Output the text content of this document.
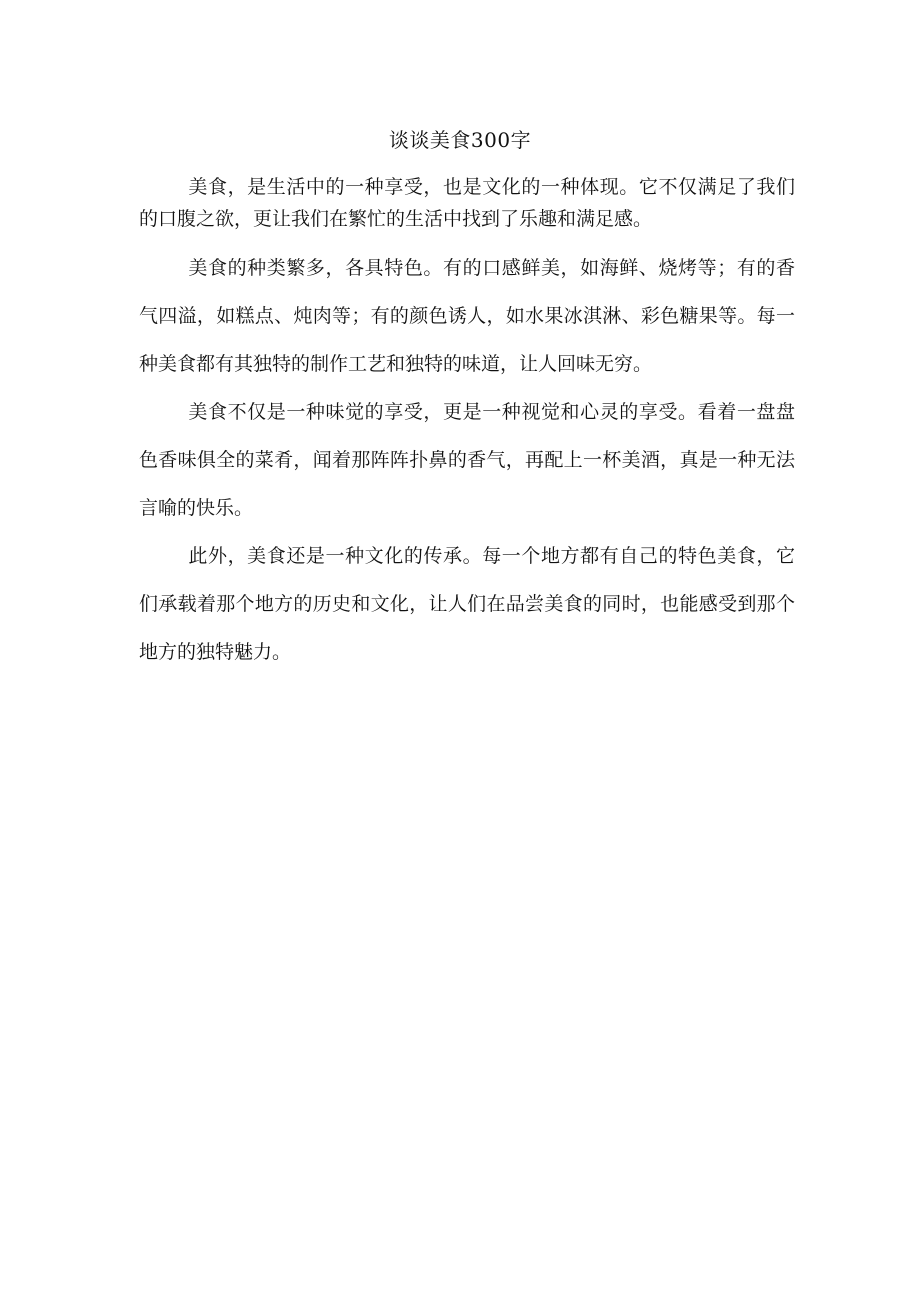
谈谈美食300字

美食，是生活中的一种享受，也是文化的一种体现。它不仅满足了我们的口腹之欲，更让我们在繁忙的生活中找到了乐趣和满足感。

美食的种类繁多，各具特色。有的口感鲜美，如海鲜、烧烤等；有的香气四溢，如糕点、炖肉等；有的颜色诱人，如水果冰淇淋、彩色糖果等。每一种美食都有其独特的制作工艺和独特的味道，让人回味无穷。

美食不仅是一种味觉的享受，更是一种视觉和心灵的享受。看着一盘盘色香味俱全的菜肴，闻着那阵阵扑鼻的香气，再配上一杯美酒，真是一种无法言喻的快乐。

此外，美食还是一种文化的传承。每一个地方都有自己的特色美食，它们承载着那个地方的历史和文化，让人们在品尝美食的同时，也能感受到那个地方的独特魅力。
